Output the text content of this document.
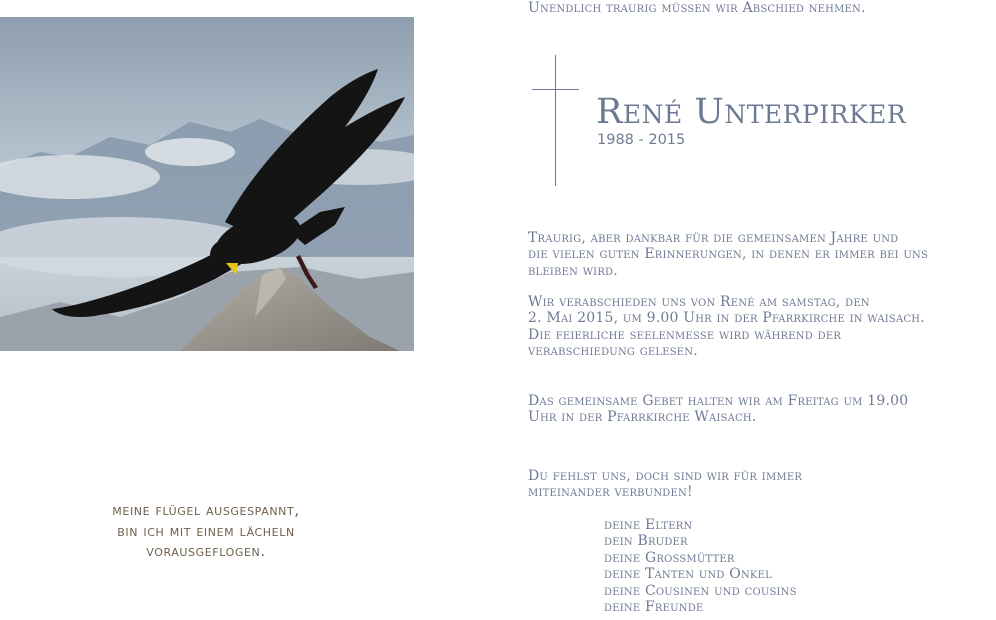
meine flügel ausgespannt,
bin ich mit einem lächeln
vorausgeflogen.
Unendlich traurig müssen wir Abschied nehmen.
René Unterpirker
1988 - 2015
Traurig, aber dankbar für die gemeinsamen Jahre und
die vielen guten Erinnerungen, in denen er immer bei uns
bleiben wird.
Wir verabschieden uns von René am samstag, den
2. Mai 2015, um 9.00 Uhr in der Pfarrkirche in waisach.
Die feierliche seelenmesse wird während der
verabschiedung gelesen.
Das gemeinsame Gebet halten wir am Freitag um 19.00
Uhr in der Pfarrkirche Waisach.
Du fehlst uns, doch sind wir für immer
miteinander verbunden!
deine Eltern
dein Bruder
deine Grossmütter
deine Tanten und Onkel
deine Cousinen und cousins
deine Freunde
